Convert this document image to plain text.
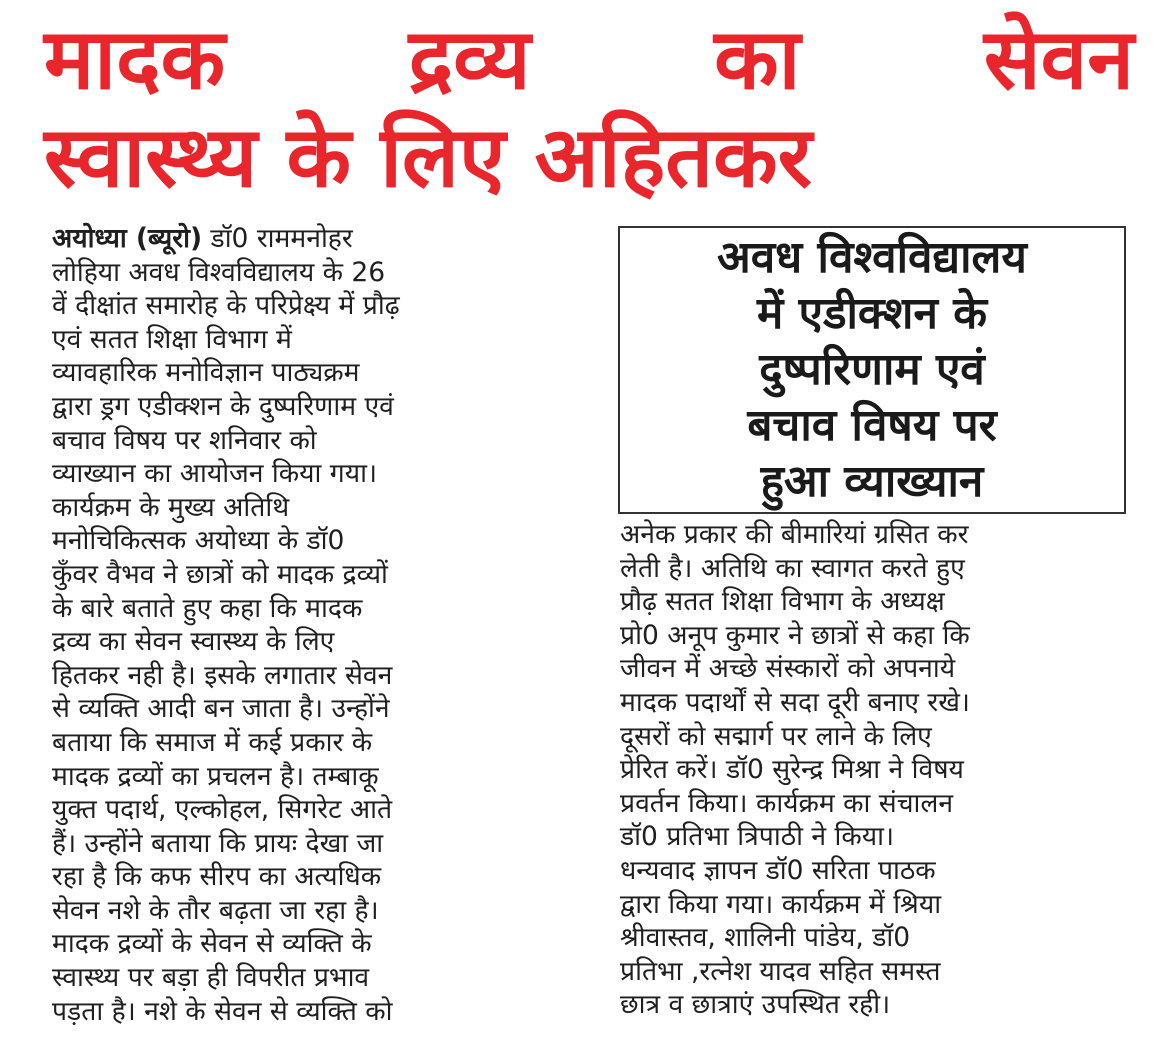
मादक द्रव्य का सेवन
स्वास्थ्य के लिए अहितकर
अयोध्या (ब्यूरो) डॉ0 राममनोहर
लोहिया अवध विश्वविद्यालय के 26
वें दीक्षांत समारोह के परिप्रेक्ष्य में प्रौढ़
एवं सतत शिक्षा विभाग में
व्यावहारिक मनोविज्ञान पाठ्यक्रम
द्वारा ड्रग एडीक्शन के दुष्परिणाम एवं
बचाव विषय पर शनिवार को
व्याख्यान का आयोजन किया गया।
कार्यक्रम के मुख्य अतिथि
मनोचिकित्सक अयोध्या के डॉ0
कुँवर वैभव ने छात्रों को मादक द्रव्यों
के बारे बताते हुए कहा कि मादक
द्रव्य का सेवन स्वास्थ्य के लिए
हितकर नही है। इसके लगातार सेवन
से व्यक्ति आदी बन जाता है। उन्होंने
बताया कि समाज में कई प्रकार के
मादक द्रव्यों का प्रचलन है। तम्बाकू
युक्त पदार्थ, एल्कोहल, सिगरेट आते
हैं। उन्होंने बताया कि प्रायः देखा जा
रहा है कि कफ सीरप का अत्यधिक
सेवन नशे के तौर बढ़ता जा रहा है।
मादक द्रव्यों के सेवन से व्यक्ति के
स्वास्थ्य पर बड़ा ही विपरीत प्रभाव
पड़ता है। नशे के सेवन से व्यक्ति को
अवध विश्वविद्यालय
में एडीक्शन के
दुष्परिणाम एवं
बचाव विषय पर
हुआ व्याख्यान
अनेक प्रकार की बीमारियां ग्रसित कर
लेती है। अतिथि का स्वागत करते हुए
प्रौढ़ सतत शिक्षा विभाग के अध्यक्ष
प्रो0 अनूप कुमार ने छात्रों से कहा कि
जीवन में अच्छे संस्कारों को अपनाये
मादक पदार्थों से सदा दूरी बनाए रखे।
दूसरों को सद्मार्ग पर लाने के लिए
प्रेरित करें। डॉ0 सुरेन्द्र मिश्रा ने विषय
प्रवर्तन किया। कार्यक्रम का संचालन
डॉ0 प्रतिभा त्रिपाठी ने किया।
धन्यवाद ज्ञापन डॉ0 सरिता पाठक
द्वारा किया गया। कार्यक्रम में श्रिया
श्रीवास्तव, शालिनी पांडेय, डॉ0
प्रतिभा ,रत्नेश यादव सहित समस्त
छात्र व छात्राएं उपस्थित रही।
